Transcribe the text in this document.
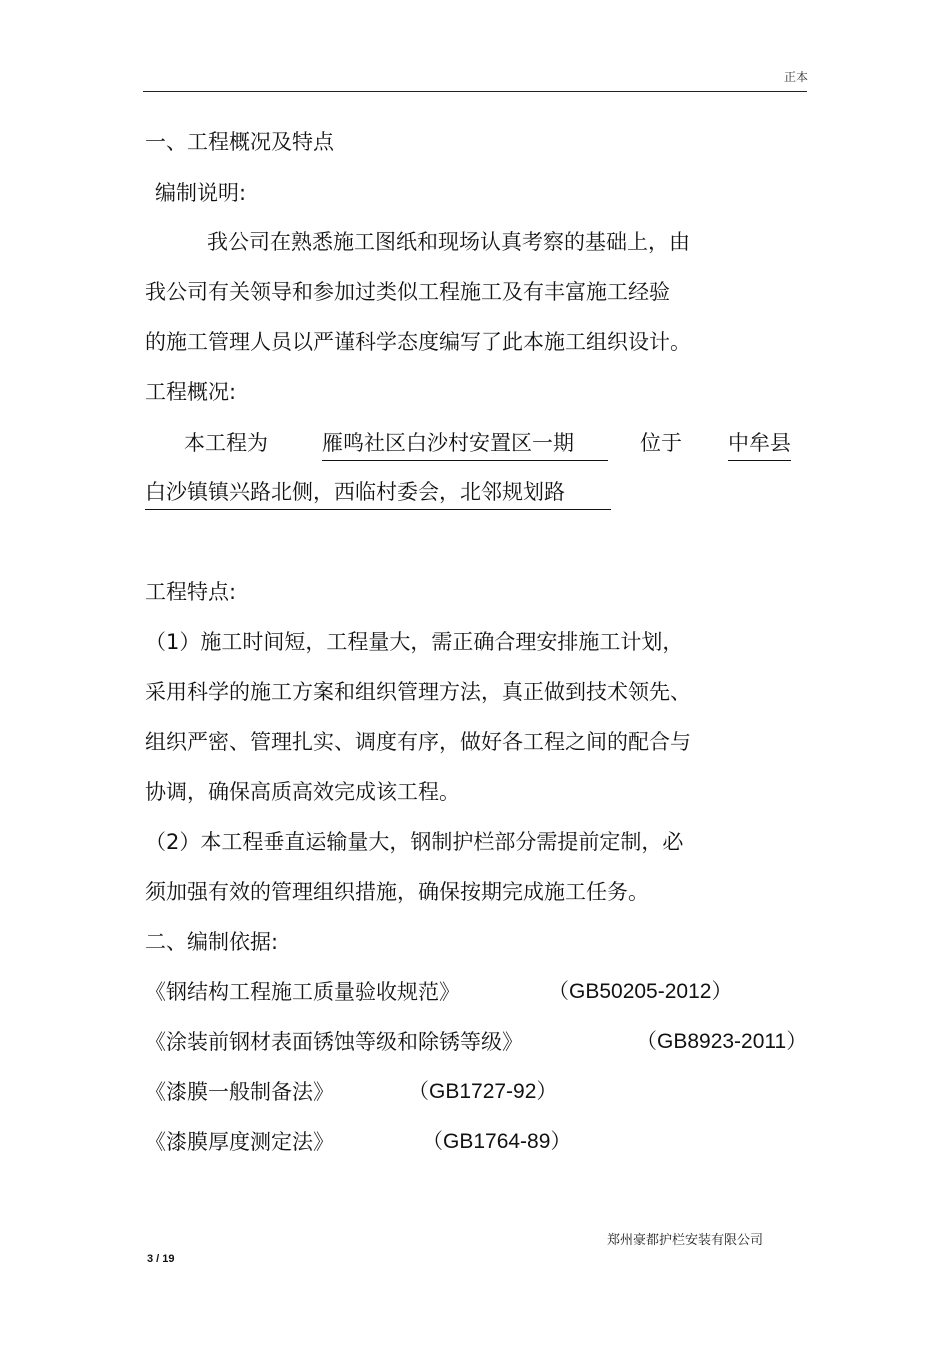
正本
一、工程概况及特点
编制说明:
我公司在熟悉施工图纸和现场认真考察的基础上，由
我公司有关领导和参加过类似工程施工及有丰富施工经验
的施工管理人员以严谨科学态度编写了此本施工组织设计。
工程概况:
本工程为	雁鸣社区白沙村安置区一期	位于 中牟县
白沙镇镇兴路北侧，西临村委会，北邻规划路
工程特点:
（1）施工时间短，工程量大，需正确合理安排施工计划，
采用科学的施工方案和组织管理方法，真正做到技术领先、
组织严密、管理扎实、调度有序，做好各工程之间的配合与
协调，确保高质高效完成该工程。
（2）本工程垂直运输量大，钢制护栏部分需提前定制，必
须加强有效的管理组织措施，确保按期完成施工任务。
二、编制依据:
《钢结构工程施工质量验收规范》	（GB50205-2012）
《涂装前钢材表面锈蚀等级和除锈等级》	（GB8923-2011）
《漆膜一般制备法》	（GB1727-92）
《漆膜厚度测定法》	（GB1764-89）
郑州豪都护栏安装有限公司
3 / 19
